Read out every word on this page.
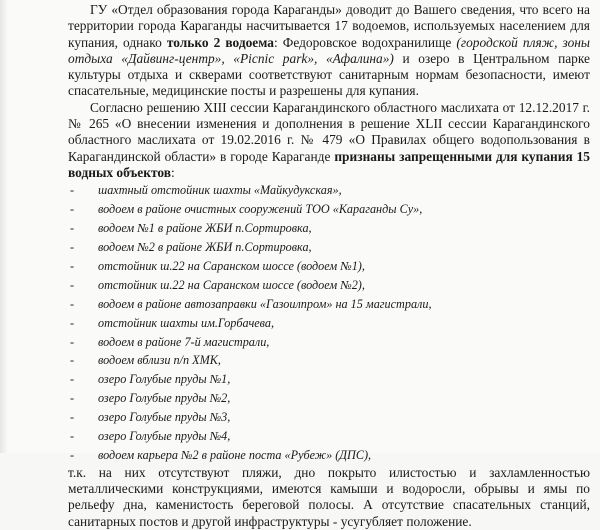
ГУ «Отдел образования города Караганды» доводит до Вашего сведения, что всего на территории города Караганды насчитывается 17 водоемов, используемых населением для купания, однако только 2 водоема: Федоровское водохранилище (городской пляж, зоны отдыха «Дайвинг-центр», «Picnic park», «Афалина») и озеро в Центральном парке культуры отдыха и скверами соответствуют санитарным нормам безопасности, имеют спасательные, медицинские посты и разрешены для купания.

Согласно решению XIII сессии Карагандинского областного маслихата от 12.12.2017 г. № 265 «О внесении изменения и дополнения в решение XLII сессии Карагандинского областного маслихата от 19.02.2016 г. № 479 «О Правилах общего водопользования в Карагандинской области» в городе Караганде признаны запрещенными для купания 15 водных объектов:

- шахтный отстойник шахты «Майкудукская»,
- водоем в районе очистных сооружений ТОО «Караганды Су»,
- водоем №1 в районе ЖБИ п.Сортировка,
- водоем №2 в районе ЖБИ п.Сортировка,
- отстойник ш.22 на Саранском шоссе (водоем №1),
- отстойник ш.22 на Саранском шоссе (водоем №2),
- водоем в районе автозаправки «Газоилпром» на 15 магистрали,
- отстойник шахты им.Горбачева,
- водоем в районе 7-й магистрали,
- водоем вблизи п/п ХМК,
- озеро Голубые пруды №1,
- озеро Голубые пруды №2,
- озеро Голубые пруды №3,
- озеро Голубые пруды №4,
- водоем карьера №2 в районе поста «Рубеж» (ДПС),

т.к. на них отсутствуют пляжи, дно покрыто илистостью и захламленностью металлическими конструкциями, имеются камыши и водоросли, обрывы и ямы по рельефу дна, каменистость береговой полосы. А отсутствие спасательных станций, санитарных постов и другой инфраструктуры - усугубляет положение.
